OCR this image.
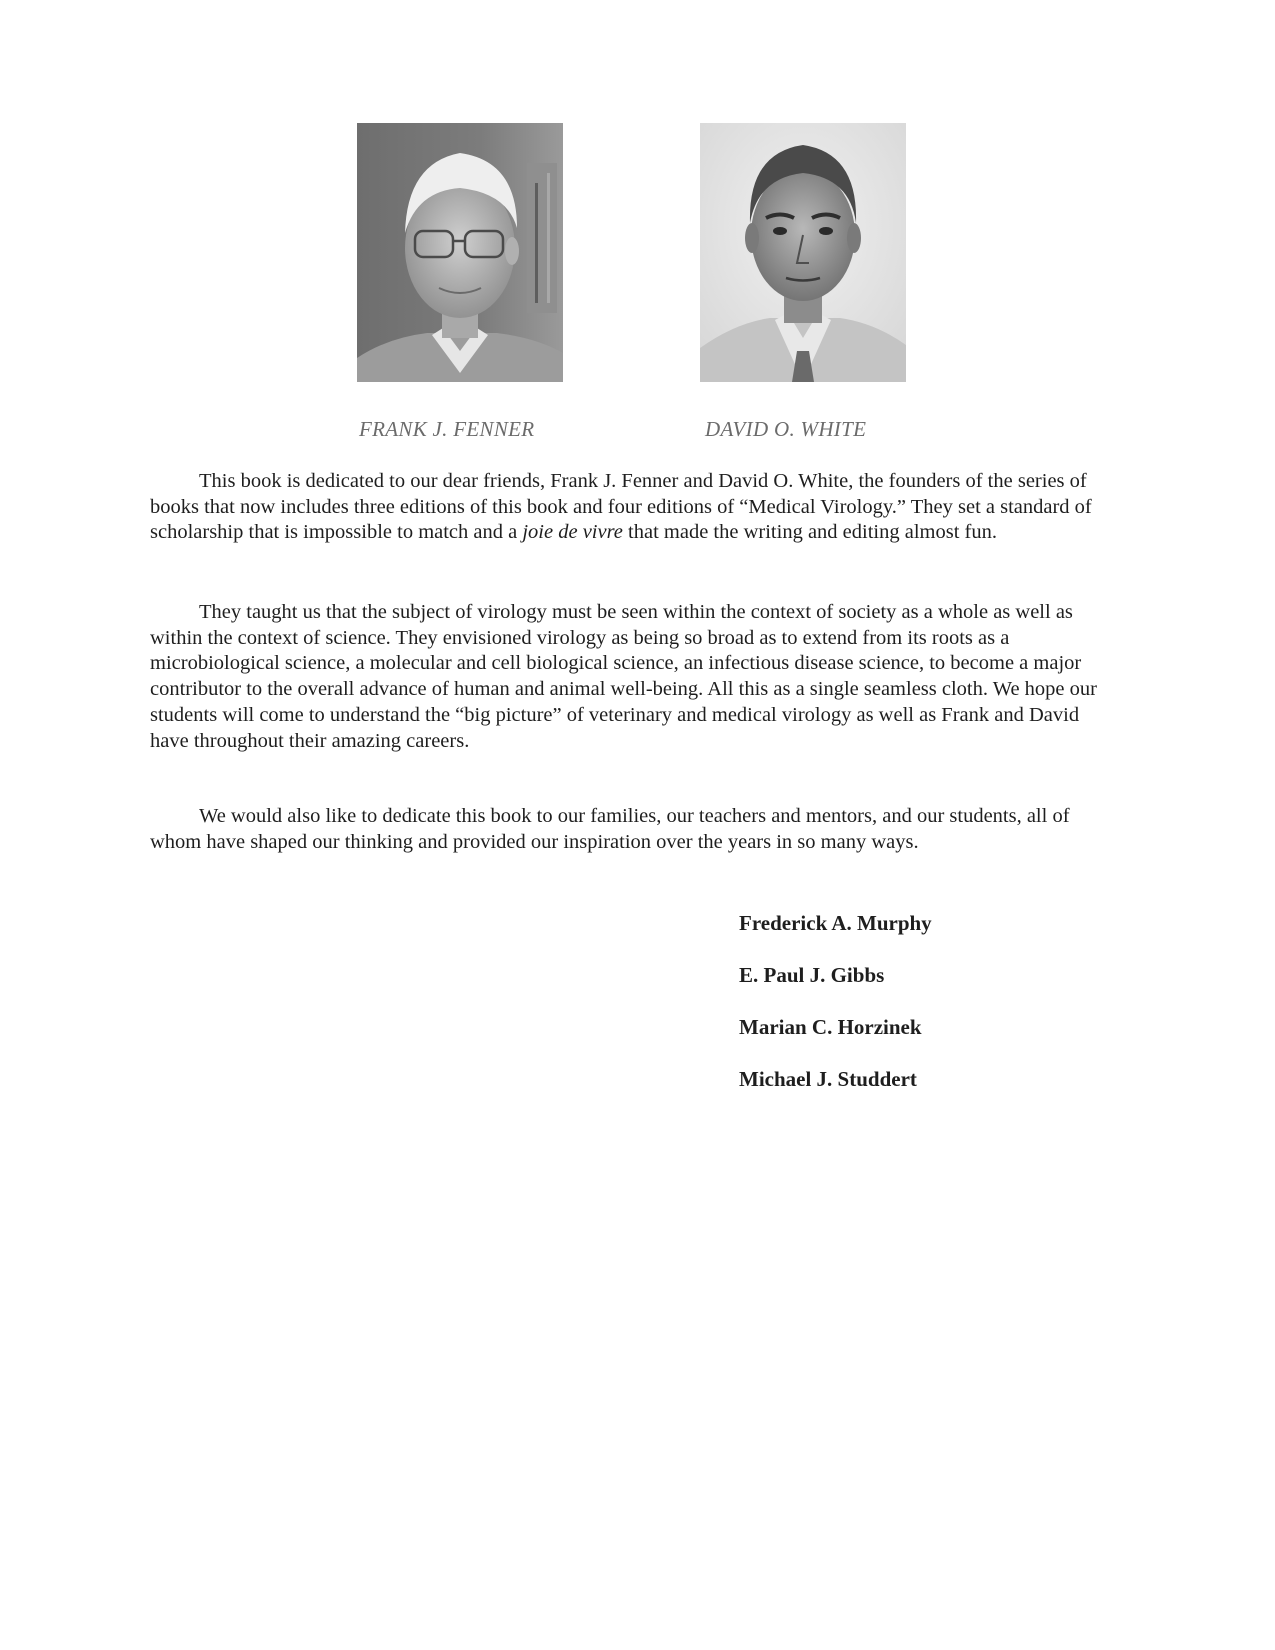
FRANK J. FENNER	DAVID O. WHITE

This book is dedicated to our dear friends, Frank J. Fenner and David O. White, the founders of the series of books that now includes three editions of this book and four editions of “Medical Virology.” They set a standard of scholarship that is impossible to match and a joie de vivre that made the writing and editing almost fun.

They taught us that the subject of virology must be seen within the context of society as a whole as well as within the context of science. They envisioned virology as being so broad as to extend from its roots as a microbiological science, a molecular and cell biological science, an infectious disease science, to become a major contributor to the overall advance of human and animal well-being. All this as a single seamless cloth. We hope our students will come to understand the “big picture” of veterinary and medical virology as well as Frank and David have throughout their amazing careers.

We would also like to dedicate this book to our families, our teachers and mentors, and our students, all of whom have shaped our thinking and provided our inspiration over the years in so many ways.

Frederick A. Murphy
E. Paul J. Gibbs
Marian C. Horzinek
Michael J. Studdert
